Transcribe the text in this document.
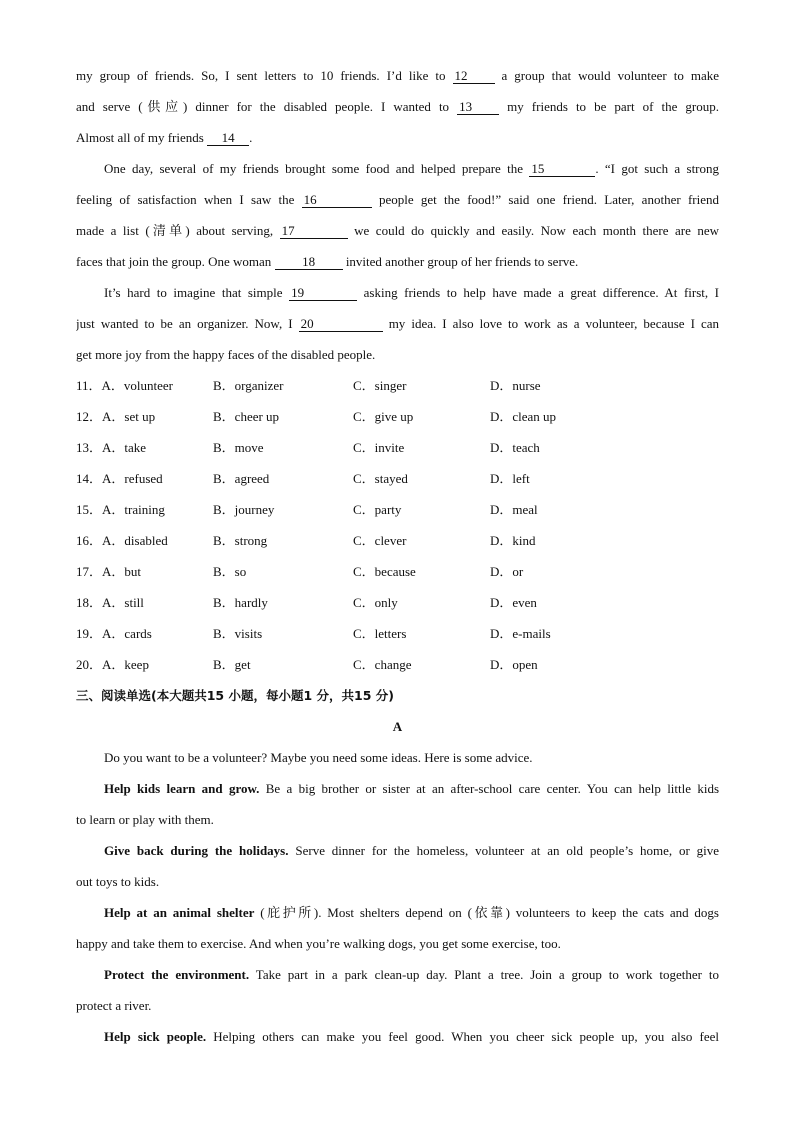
my group of friends. So, I sent letters to 10 friends. I’d like to 12	a group that would volunteer to make
and serve (供应) dinner for the disabled people. I wanted to 13	my friends to be part of the group.
Almost all of my friends 14 .
One day, several of my friends brought some food and helped prepare the 15	. “I got such a strong
feeling of satisfaction when I saw the 16	people get the food!” said one friend. Later, another friend
made a list (清单) about serving, 17	we could do quickly and easily. Now each month there are new
faces that join the group. One woman 18 invited another group of her friends to serve.
It’s hard to imagine that simple 19	asking friends to help have made a great difference. At first, I
just wanted to be an organizer. Now, I 20	my idea. I also love to work as a volunteer, because I can
get more joy from the happy faces of the disabled people.
11．A．volunteer	B．organizer	C．singer	D．nurse
12．A．set up	B．cheer up	C．give up	D．clean up
13．A．take	B．move	C．invite	D．teach
14．A．refused	B．agreed	C．stayed	D．left
15．A．training	B．journey	C．party	D．meal
16．A．disabled	B．strong	C．clever	D．kind
17．A．but	B．so	C．because	D．or
18．A．still	B．hardly	C．only	D．even
19．A．cards	B．visits	C．letters	D．e-mails
20．A．keep	B．get	C．change	D．open
三、阅读单选(本大题共15 小题，每小题1 分，共15 分)
A
Do you want to be a volunteer? Maybe you need some ideas. Here is some advice.
Help kids learn and grow. Be a big brother or sister at an after-school care center. You can help little kids
to learn or play with them.
Give back during the holidays. Serve dinner for the homeless, volunteer at an old people’s home, or give
out toys to kids.
Help at an animal shelter (庇护所). Most shelters depend on (依靠) volunteers to keep the cats and dogs
happy and take them to exercise. And when you’re walking dogs, you get some exercise, too.
Protect the environment. Take part in a park clean-up day. Plant a tree. Join a group to work together to
protect a river.
Help sick people. Helping others can make you feel good. When you cheer sick people up, you also feel
